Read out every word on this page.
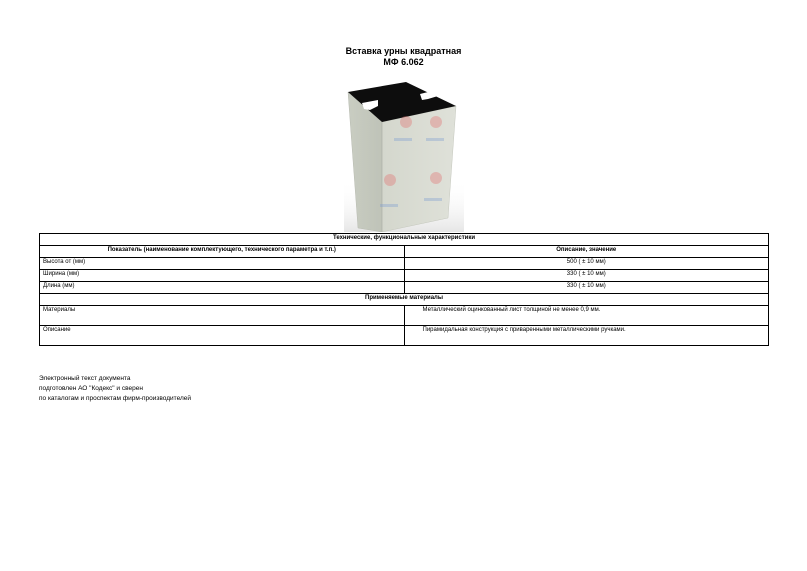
Вставка урны квадратная
МФ 6.062
Технические, функциональные характеристики	
Показатель (наименование комплектующего, технического параметра и т.п.)	Описание, значение
Высота от (мм)	500 ( ± 10 мм)
Ширина (мм)	330 ( ± 10 мм)
Длина (мм)	330 ( ± 10 мм)
Применяемые материалы	
Материалы	Металлический оцинкованный лист толщиной не менее 0,9 мм.
Описание	Пирамидальная конструкция с приваренными металлическими ручками.
Электронный текст документа
подготовлен АО "Кодекс" и сверен
по каталогам и проспектам фирм-производителей
